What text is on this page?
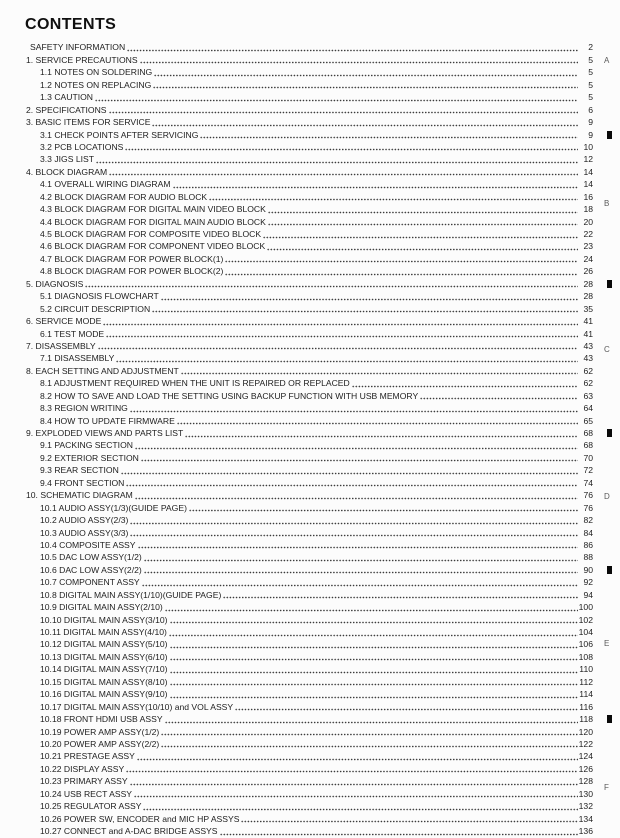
CONTENTS
SAFETY INFORMATION	2
1. SERVICE PRECAUTIONS	5
1.1 NOTES ON SOLDERING	5
1.2 NOTES ON REPLACING	5
1.3 CAUTION	5
2. SPECIFICATIONS	6
3. BASIC ITEMS FOR SERVICE	9
3.1 CHECK POINTS AFTER SERVICING	9
3.2 PCB LOCATIONS	10
3.3 JIGS LIST	12
4. BLOCK DIAGRAM	14
4.1 OVERALL WIRING DIAGRAM	14
4.2 BLOCK DIAGRAM FOR AUDIO BLOCK	16
4.3 BLOCK DIAGRAM FOR DIGITAL MAIN VIDEO BLOCK	18
4.4 BLOCK DIAGRAM FOR DIGITAL MAIN AUDIO BLOCK	20
4.5 BLOCK DIAGRAM FOR COMPOSITE VIDEO BLOCK	22
4.6 BLOCK DIAGRAM FOR COMPONENT VIDEO BLOCK	23
4.7 BLOCK DIAGRAM FOR POWER BLOCK(1)	24
4.8 BLOCK DIAGRAM FOR POWER BLOCK(2)	26
5. DIAGNOSIS	28
5.1 DIAGNOSIS FLOWCHART	28
5.2 CIRCUIT DESCRIPTION	35
6. SERVICE MODE	41
6.1 TEST MODE	41
7. DISASSEMBLY	43
7.1 DISASSEMBLY	43
8. EACH SETTING AND ADJUSTMENT	62
8.1 ADJUSTMENT REQUIRED WHEN THE UNIT IS REPAIRED OR REPLACED	62
8.2 HOW TO SAVE AND LOAD THE SETTING USING BACKUP FUNCTION WITH USB MEMORY	63
8.3 REGION WRITING	64
8.4 HOW TO UPDATE FIRMWARE	65
9. EXPLODED VIEWS AND PARTS LIST	68
9.1 PACKING SECTION	68
9.2 EXTERIOR SECTION	70
9.3 REAR SECTION	72
9.4 FRONT SECTION	74
10. SCHEMATIC DIAGRAM	76
10.1 AUDIO ASSY(1/3)(GUIDE PAGE)	76
10.2 AUDIO ASSY(2/3)	82
10.3 AUDIO ASSY(3/3)	84
10.4 COMPOSITE ASSY	86
10.5 DAC LOW ASSY(1/2)	88
10.6 DAC LOW ASSY(2/2)	90
10.7 COMPONENT ASSY	92
10.8 DIGITAL MAIN ASSY(1/10)(GUIDE PAGE)	94
10.9 DIGITAL MAIN ASSY(2/10)	100
10.10 DIGITAL MAIN ASSY(3/10)	102
10.11 DIGITAL MAIN ASSY(4/10)	104
10.12 DIGITAL MAIN ASSY(5/10)	106
10.13 DIGITAL MAIN ASSY(6/10)	108
10.14 DIGITAL MAIN ASSY(7/10)	110
10.15 DIGITAL MAIN ASSY(8/10)	112
10.16 DIGITAL MAIN ASSY(9/10)	114
10.17 DIGITAL MAIN ASSY(10/10) and VOL ASSY	116
10.18 FRONT HDMI USB ASSY	118
10.19 POWER AMP ASSY(1/2)	120
10.20 POWER AMP ASSY(2/2)	122
10.21 PRESTAGE ASSY	124
10.22 DISPLAY ASSY	126
10.23 PRIMARY ASSY	128
10.24 USB RECT ASSY	130
10.25 REGULATOR ASSY	132
10.26 POWER SW, ENCODER and MIC HP ASSYS	134
10.27 CONNECT and A-DAC BRIDGE ASSYS	136
A
B
C
D
E
F
